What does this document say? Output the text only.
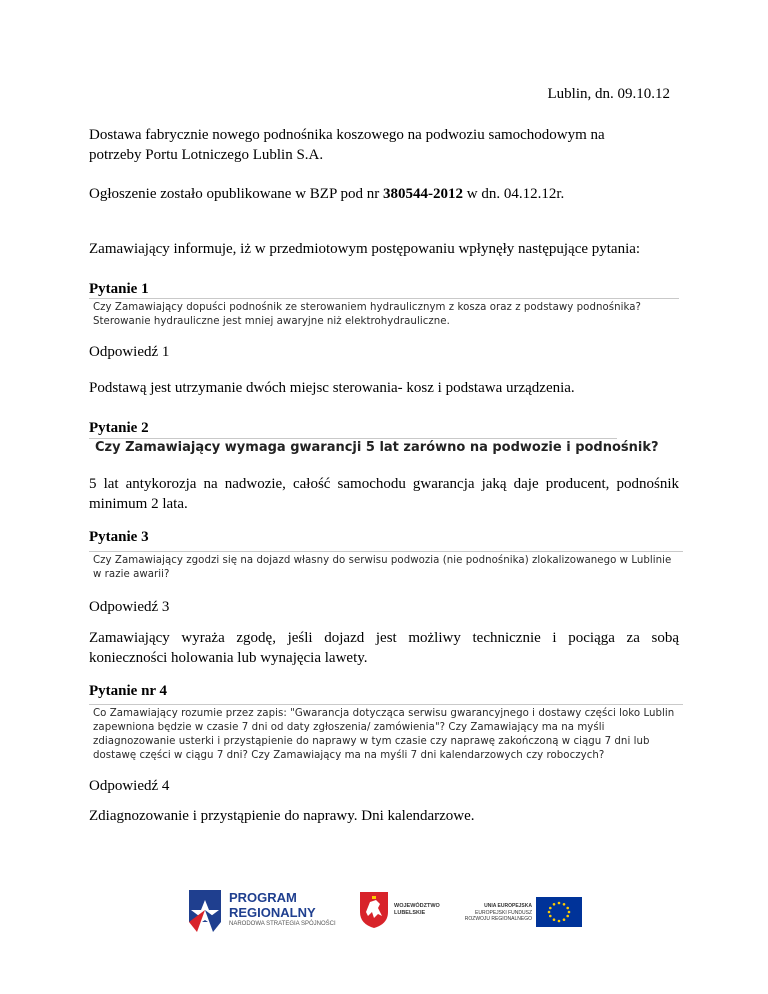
Lublin, dn. 09.10.12

Dostawa fabrycznie nowego podnośnika koszowego na podwoziu samochodowym na

potrzeby Portu Lotniczego Lublin S.A.

Ogłoszenie zostało opublikowane w BZP pod nr 380544-2012 w dn. 04.12.12r.

Zamawiający informuje, iż w przedmiotowym postępowaniu wpłynęły następujące pytania:

Pytanie 1

Czy Zamawiający dopuści podnośnik ze sterowaniem hydraulicznym z kosza oraz z podstawy podnośnika?
Sterowanie hydrauliczne jest mniej awaryjne niż elektrohydrauliczne.

Odpowiedź 1

Podstawą jest utrzymanie dwóch miejsc sterowania- kosz i podstawa urządzenia.

Pytanie 2

Czy Zamawiający wymaga gwarancji 5 lat zarówno na podwozie i podnośnik?

5 lat antykorozja na nadwozie, całość samochodu gwarancja jaką daje producent, podnośnik

minimum 2 lata.

Pytanie 3

Czy Zamawiający zgodzi się na dojazd własny do serwisu podwozia (nie podnośnika) zlokalizowanego w Lublinie
w razie awarii?

Odpowiedź 3

Zamawiający wyraża zgodę, jeśli dojazd jest możliwy technicznie i pociąga za sobą

konieczności holowania lub wynajęcia lawety.

Pytanie nr 4

Co Zamawiający rozumie przez zapis: "Gwarancja dotycząca serwisu gwarancyjnego i dostawy części loko Lublin
zapewniona będzie w czasie 7 dni od daty zgłoszenia/ zamówienia"? Czy Zamawiający ma na myśli
zdiagnozowanie usterki i przystąpienie do naprawy w tym czasie czy naprawę zakończoną w ciągu 7 dni lub
dostawę części w ciągu 7 dni? Czy Zamawiający ma na myśli 7 dni kalendarzowych czy roboczych?

Odpowiedź 4

Zdiagnozowanie i przystąpienie do naprawy. Dni kalendarzowe.

PROGRAM
REGIONALNY
NARODOWA STRATEGIA SPÓJNOŚCI
WOJEWÓDZTWO
LUBELSKIE
UNIA EUROPEJSKA
EUROPEJSKI FUNDUSZ
ROZWOJU REGIONALNEGO
